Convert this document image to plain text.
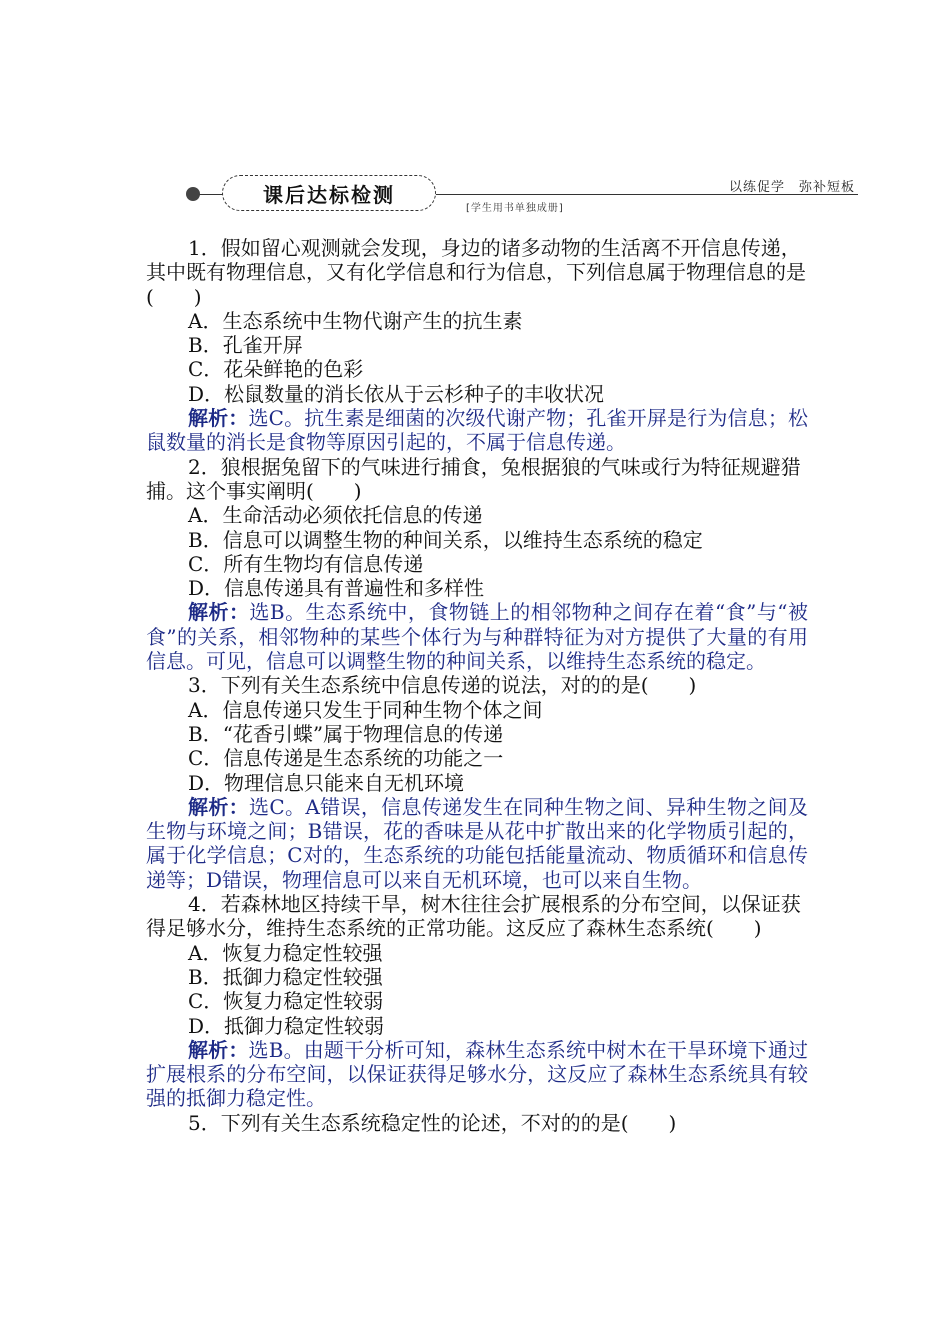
课后达标检测	以练促学　弥补短板
[学生用书单独成册]

1．假如留心观测就会发现，身边的诸多动物的生活离不开信息传递，其中既有物理信息，又有化学信息和行为信息，下列信息属于物理信息的是(　　)

A．生态系统中生物代谢产生的抗生素

B．孔雀开屏

C．花朵鲜艳的色彩

D．松鼠数量的消长依从于云杉种子的丰收状况

解析：选C。抗生素是细菌的次级代谢产物；孔雀开屏是行为信息；松鼠数量的消长是食物等原因引起的，不属于信息传递。

2．狼根据兔留下的气味进行捕食，兔根据狼的气味或行为特征规避猎捕。这个事实阐明(　　)

A．生命活动必须依托信息的传递

B．信息可以调整生物的种间关系，以维持生态系统的稳定

C．所有生物均有信息传递

D．信息传递具有普遍性和多样性

解析：选B。生态系统中，食物链上的相邻物种之间存在着“食”与“被食”的关系，相邻物种的某些个体行为与种群特征为对方提供了大量的有用信息。可见，信息可以调整生物的种间关系，以维持生态系统的稳定。

3．下列有关生态系统中信息传递的说法，对的的是(　　)

A．信息传递只发生于同种生物个体之间

B．“花香引蝶”属于物理信息的传递

C．信息传递是生态系统的功能之一

D．物理信息只能来自无机环境

解析：选C。A错误，信息传递发生在同种生物之间、异种生物之间及生物与环境之间；B错误，花的香味是从花中扩散出来的化学物质引起的，属于化学信息；C对的，生态系统的功能包括能量流动、物质循环和信息传递等；D错误，物理信息可以来自无机环境，也可以来自生物。

4．若森林地区持续干旱，树木往往会扩展根系的分布空间，以保证获得足够水分，维持生态系统的正常功能。这反应了森林生态系统(　　)

A．恢复力稳定性较强

B．抵御力稳定性较强

C．恢复力稳定性较弱

D．抵御力稳定性较弱

解析：选B。由题干分析可知，森林生态系统中树木在干旱环境下通过扩展根系的分布空间，以保证获得足够水分，这反应了森林生态系统具有较强的抵御力稳定性。

5．下列有关生态系统稳定性的论述，不对的的是(　　)
